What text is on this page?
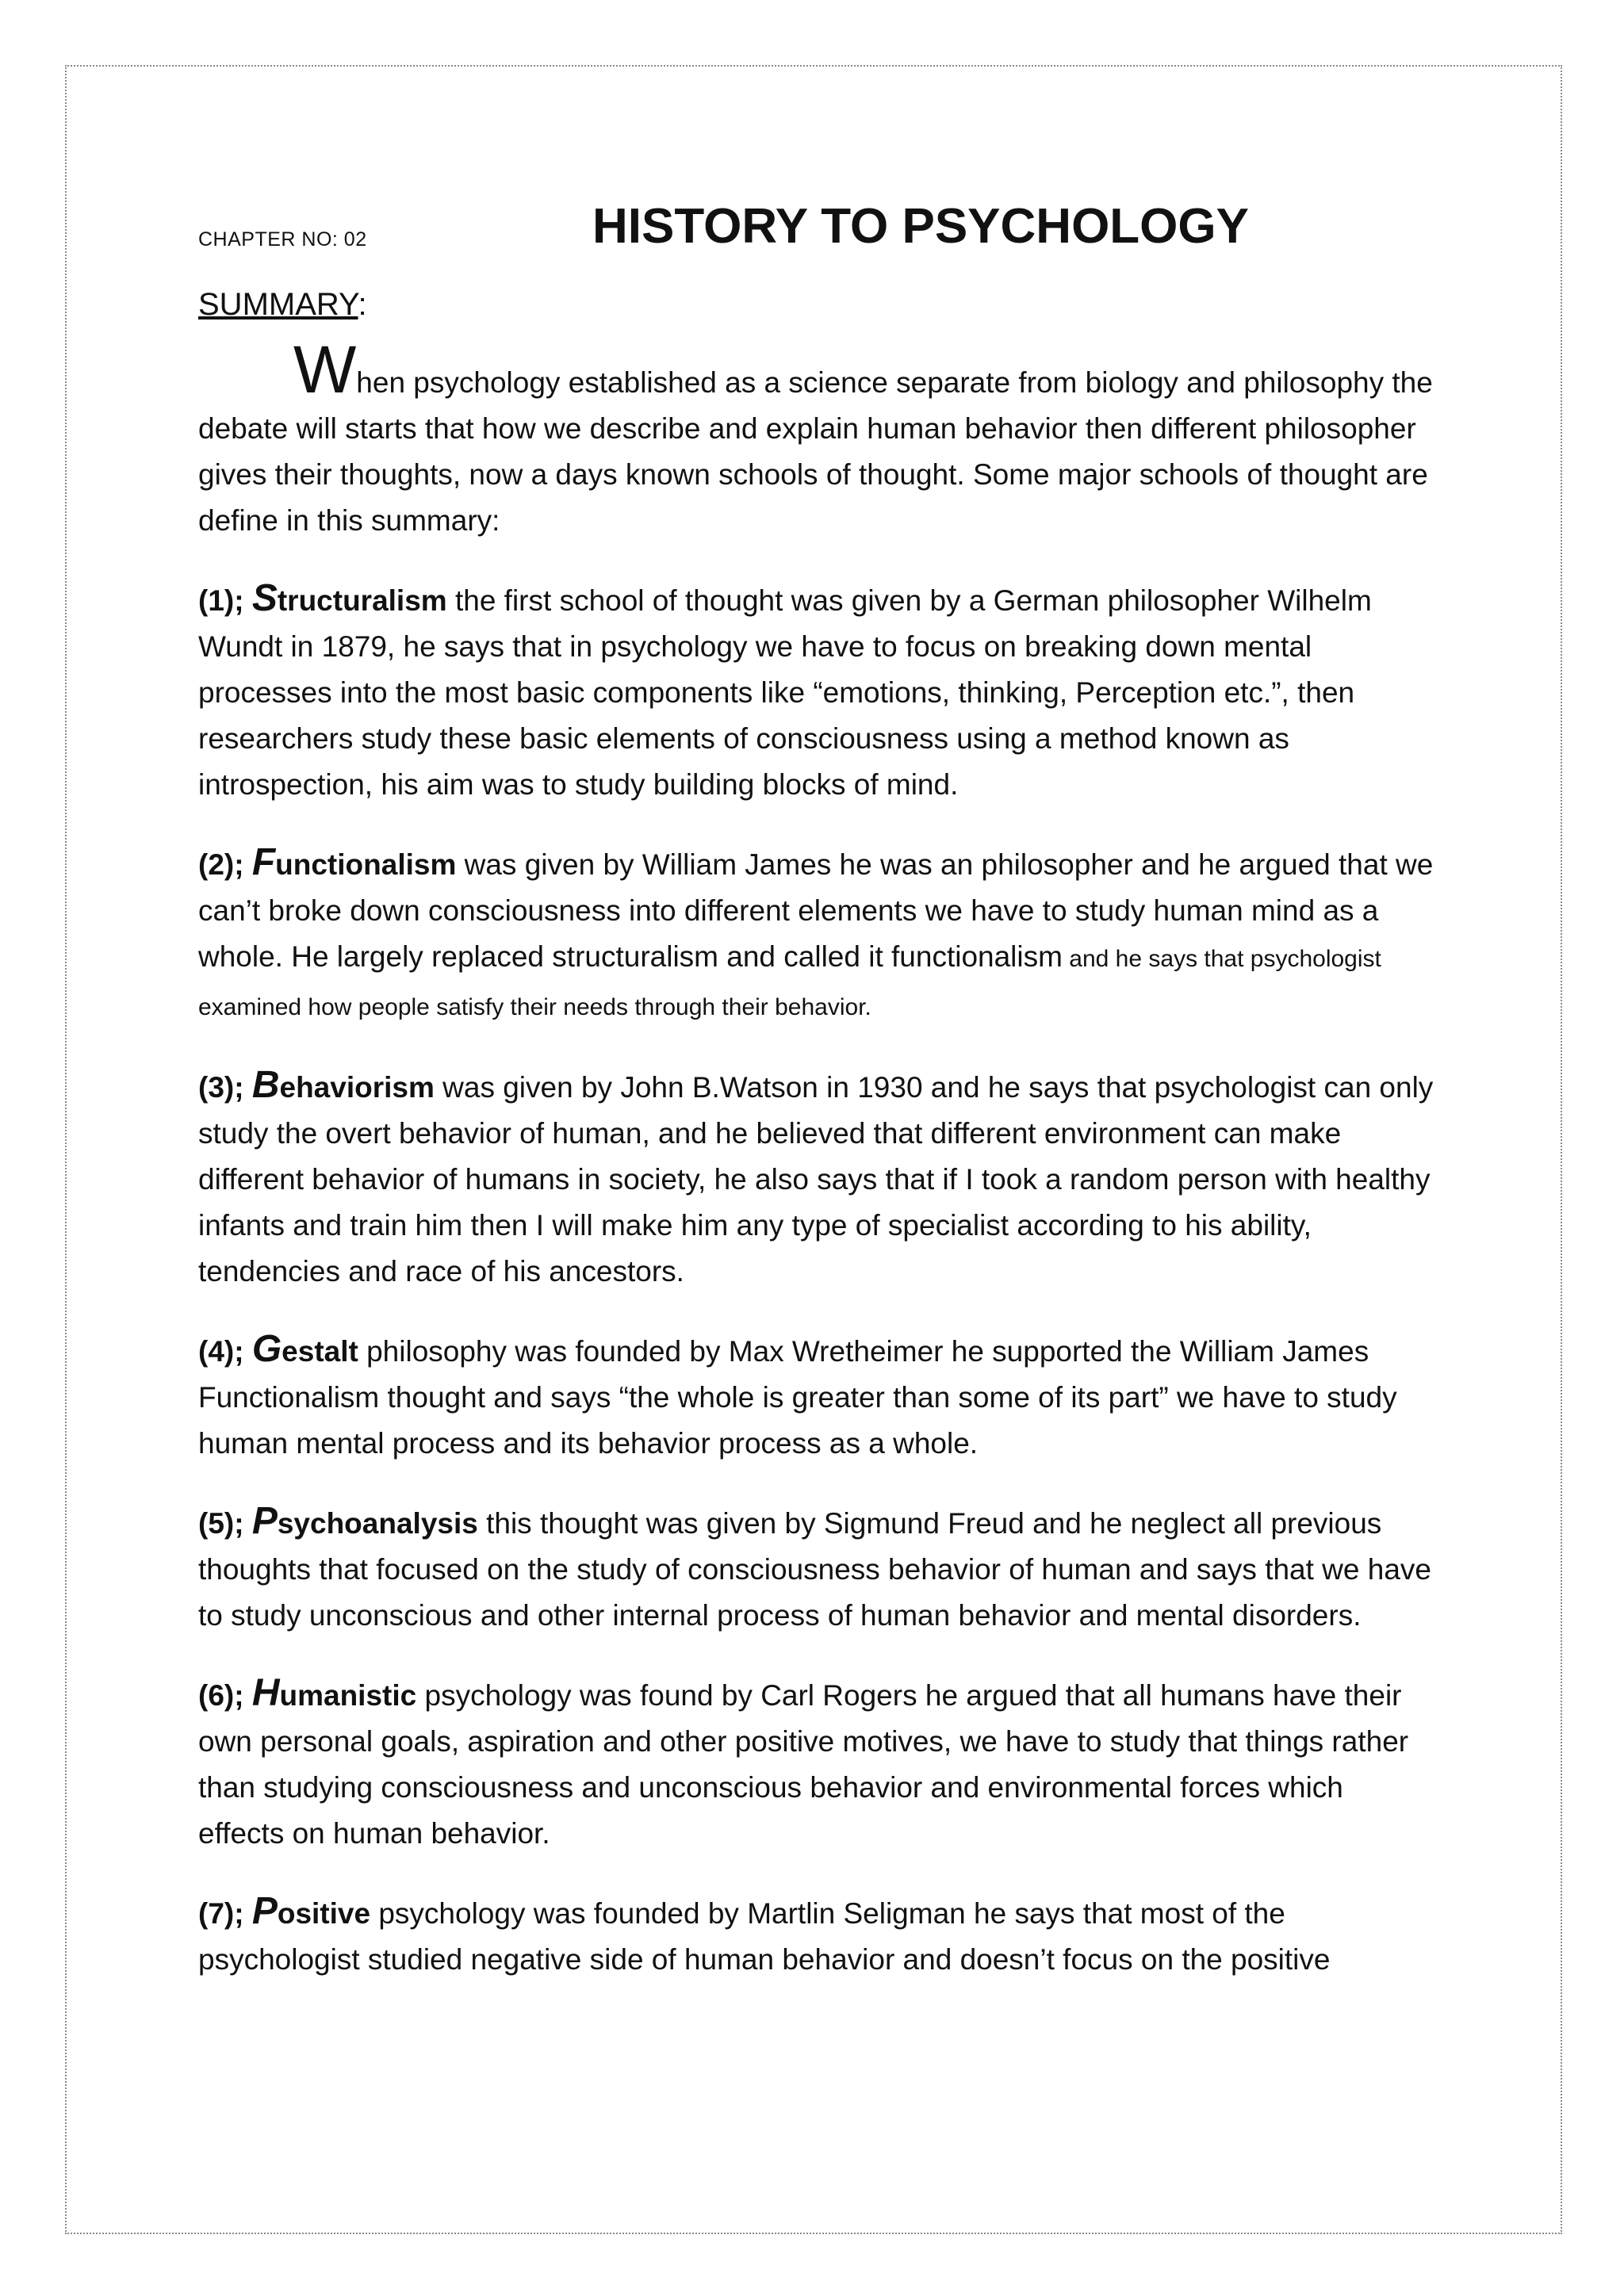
CHAPTER NO: 02	HISTORY TO PSYCHOLOGY
SUMMARY:

When psychology established as a science separate from biology and philosophy the debate will starts that how we describe and explain human behavior then different philosopher gives their thoughts, now a days known schools of thought. Some major schools of thought are define in this summary:

(1); Structuralism the first school of thought was given by a German philosopher Wilhelm Wundt in 1879, he says that in psychology we have to focus on breaking down mental processes into the most basic components like “emotions, thinking, Perception etc.”, then researchers study these basic elements of consciousness using a method known as introspection, his aim was to study building blocks of mind.

(2); Functionalism was given by William James he was an philosopher and he argued that we can’t broke down consciousness into different elements we have to study human mind as a whole. He largely replaced structuralism and called it functionalism and he says that psychologist examined how people satisfy their needs through their behavior.

(3); Behaviorism was given by John B.Watson in 1930 and he says that psychologist can only study the overt behavior of human, and he believed that different environment can make different behavior of humans in society, he also says that if I took a random person with healthy infants and train him then I will make him any type of specialist according to his ability, tendencies and race of his ancestors.

(4); Gestalt philosophy was founded by Max Wretheimer he supported the William James Functionalism thought and says “the whole is greater than some of its part” we have to study human mental process and its behavior process as a whole.

(5); Psychoanalysis this thought was given by Sigmund Freud and he neglect all previous thoughts that focused on the study of consciousness behavior of human and says that we have to study unconscious and other internal process of human behavior and mental disorders.

(6); Humanistic psychology was found by Carl Rogers he argued that all humans have their own personal goals, aspiration and other positive motives, we have to study that things rather than studying consciousness and unconscious behavior and environmental forces which effects on human behavior.

(7); Positive psychology was founded by Martlin Seligman he says that most of the psychologist studied negative side of human behavior and doesn’t focus on the positive
